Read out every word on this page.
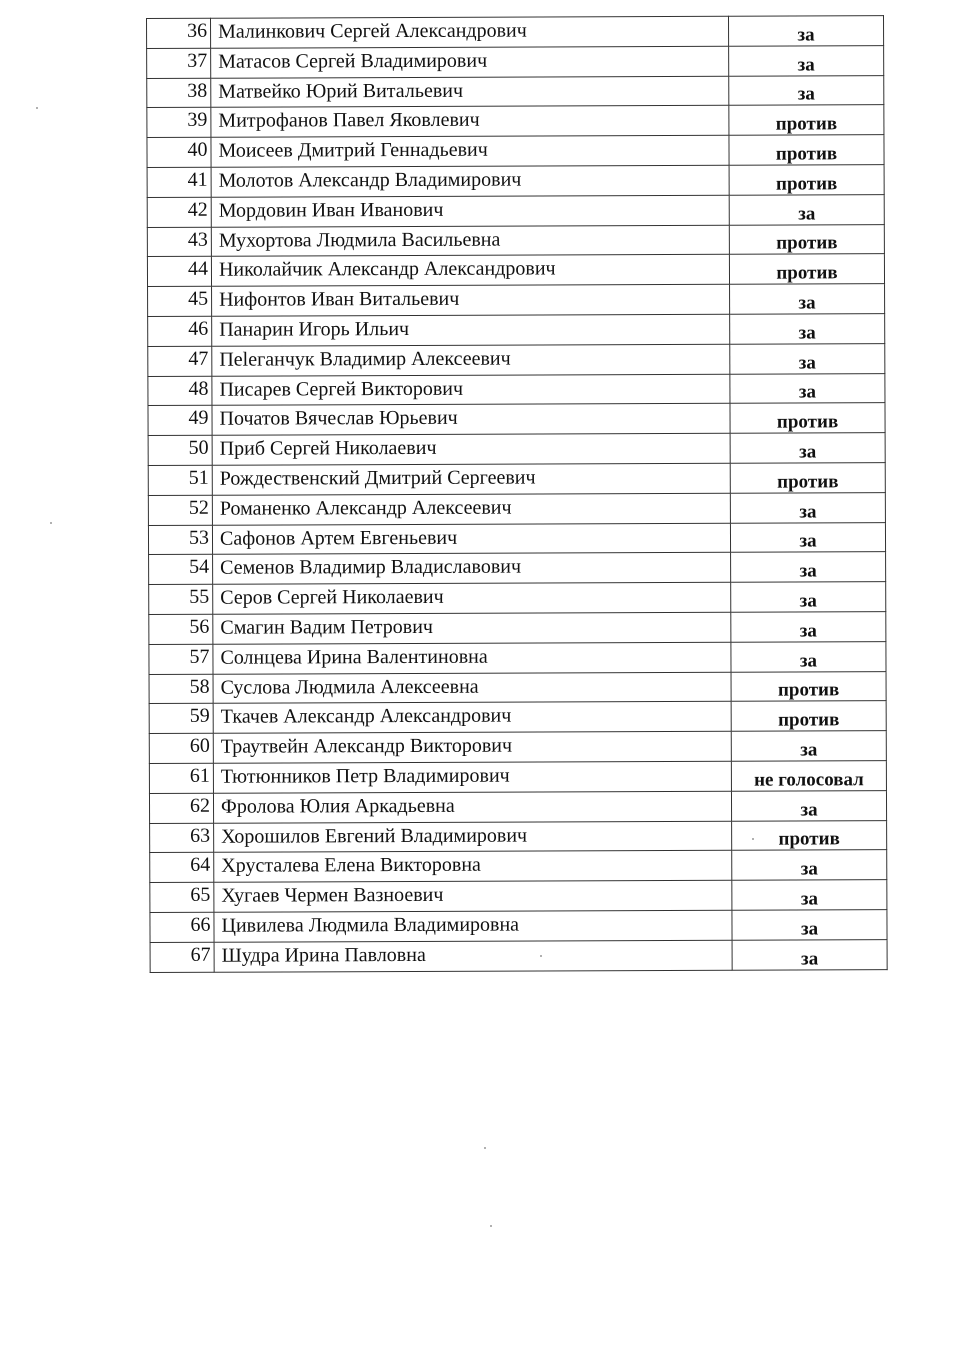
36	Малинкович Сергей Александрович	за
37	Матасов Сергей Владимирович	за
38	Матвейко Юрий Витальевич	за
39	Митрофанов Павел Яковлевич	против
40	Моисеев Дмитрий Геннадьевич	против
41	Молотов Александр Владимирович	против
42	Мордовин Иван Иванович	за
43	Мухортова Людмила Васильевна	против
44	Николайчик Александр Александрович	против
45	Нифонтов Иван Витальевич	за
46	Панарин Игорь Ильич	за
47	Пеleганчук Владимир Алексеевич	за
48	Писарев Сергей Викторович	за
49	Початов Вячеслав Юрьевич	против
50	Приб Сергей Николаевич	за
51	Рождественский Дмитрий Сергеевич	против
52	Романенко Александр Алексеевич	за
53	Сафонов Артем Евгеньевич	за
54	Семенов Владимир Владиславович	за
55	Серов Сергей Николаевич	за
56	Смагин Вадим Петрович	за
57	Солнцева Ирина Валентиновна	за
58	Суслова Людмила Алексеевна	против
59	Ткачев Александр Александрович	против
60	Траутвейн Александр Викторович	за
61	Тютюнников Петр Владимирович	не голосовал
62	Фролова Юлия Аркадьевна	за
63	Хорошилов Евгений Владимирович	против
64	Хрусталева Елена Викторовна	за
65	Хугаев Чермен Вазноевич	за
66	Цивилева Людмила Владимировна	за
67	Шудра Ирина Павловна	за
